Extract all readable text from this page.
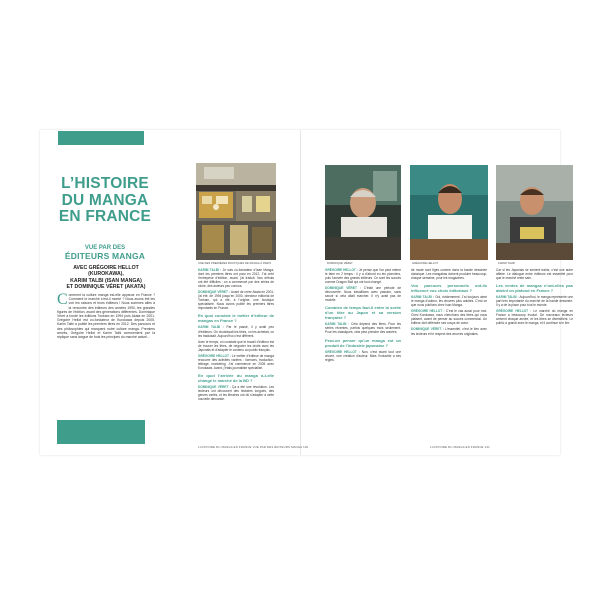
L’HISTOIRE
DU MANGA
EN FRANCE
VUE PAR DES
ÉDITEURS MANGA
AVEC GRÉGOIRE HELLOT (KUROKAWA),
KARIM TALBI (ISAN MANGA)
ET DOMINIQUE VÉRET (AKATA)
Comment la culture manga est-elle apparue en France ? Comment le marché s’est-il monté ? Nous avons été les voir les raisons et leurs éditeurs ! Nous sommes allés à la rencontre des éditeurs des années 1990, les grandes figures de l’édition, avant des générations différentes. Dominique Véret a fondé les éditions Tonkam en 1994 puis Akata en 2001. Grégoire Hellot est co-fondateur de Kurokawa depuis 2005. Karim Talbi a publié les premiers titres en 2012. Des parcours et des philosophies qui marquent notre culture manga. Premiers arrivés, Grégoire Hellot et Karim Talbi commentent par la réplique sans langue de bois les principes du marché actuel…
UNE DES PREMIÈRES BOUTIQUES DE MANGA À PARIS	DOMINIQUE VÉRET	GRÉGOIRE HELLOT	KARIM TALBI

KARIM TALBI : Je suis co-fondateur d’Isan Manga, dont les premiers titres ont paru en 2012. J’ai créé l’entreprise d’édition, avant, j’ai traduit. Nos débuts ont été difficiles ; on a commencé par des séries de niche, des auteurs peu connus.

DOMINIQUE VÉRET : Avant de créer Akata en 2001, j’ai été, de 1994 jusqu’en 2000, directeur éditorial de Tonkam, qui a été, à l’origine, une boutique spécialisée. Nous avons publié les premiers titres importants en France.

En quoi consiste le métier d’éditeur de mangas en France ?

KARIM TALBI : Par le passé, il y avait peu d’éditeurs. On choisissait les titres, on les achetait, on les traduisait. Aujourd’hui c’est différent.

Avec le temps, on constate que le travail d’éditeur est de trouver les titres, de négocier les droits avec les Japonais et d’adapter le contenu au public français.

GRÉGOIRE HELLOT : Le métier d’éditeur de manga recouvre des activités variées : licences, traduction, lettrage, marketing. J’ai commencé en 2005 avec Kurokawa. Avant, j’étais journaliste spécialisé.

En quoi l’arrivée du manga a-t-elle changé le marché de la BD ?

DOMINIQUE VÉRET : Ça a été une révolution. Les lecteurs ont découvert des histoires longues, des genres variés, et les libraires ont dû s’adapter à cette nouvelle demande.

GRÉGOIRE HELLOT : Je pense que l’on peut même le faire en 2 temps : il y a d’abord eu les pionniers, puis l’arrivée des grands éditeurs. Ce sont les succès comme Dragon Ball qui ont tout changé.

DOMINIQUE VÉRET : C’était une période de découverte. Nous travaillions avec passion, sans savoir si cela allait marcher. Il n’y avait pas de modèle.

Combien de temps faut-il entre la sortie d’un titre au Japon et sa version française ?

KARIM TALBI : Cela dépend des titres. Pour les séries récentes, parfois quelques mois seulement. Pour les classiques, cela peut prendre des années.

Peut-on penser qu’un manga est un produit de l’industrie japonaise ?

GRÉGOIRE HELLOT : Non, c’est avant tout une œuvre, une création d’auteur. Mais l’industrie a ses règles.

de mode sont figés comme dans la bande dessinée classique. Les mangakas doivent produire beaucoup, chaque semaine, pour les magazines.

Vos parcours personnels ont-ils influencé vos choix éditoriaux ?

KARIM TALBI : Oui, évidemment. J’ai toujours aimé le manga d’auteur, les œuvres plus adultes. C’est ce que nous publions chez Isan Manga.

GRÉGOIRE HELLOT : C’est le cas aussi pour moi. Chez Kurokawa, nous cherchons des titres qui nous plaisent, avant de penser au succès commercial. Un éditeur doit défendre ses coups de cœur.

DOMINIQUE VÉRET : L’essentiel, c’est le lien avec les lecteurs et le respect des œuvres originales.

Car si les Japonais se sentent trahis, c’est une autre affaire. Le dialogue entre éditeurs est essentiel pour que le marché reste sain.

Les ventes de mangas n’ont-elles pas atteint un plafond en France ?

KARIM TALBI : Aujourd’hui, le manga représente une part très importante du marché de la bande dessinée. Il y a de la place pour tout le monde.

GRÉGOIRE HELLOT : Le marché du manga en France a beaucoup évolué. De nouveaux lecteurs arrivent chaque année, et les titres se diversifient. Le public a grandi avec le manga, et il continue à le lire.

L’HISTOIRE DU MANGA EN FRANCE VUE PAR DES ÉDITEURS MANGA 130	L’HISTOIRE DU MANGA EN FRANCE 131
